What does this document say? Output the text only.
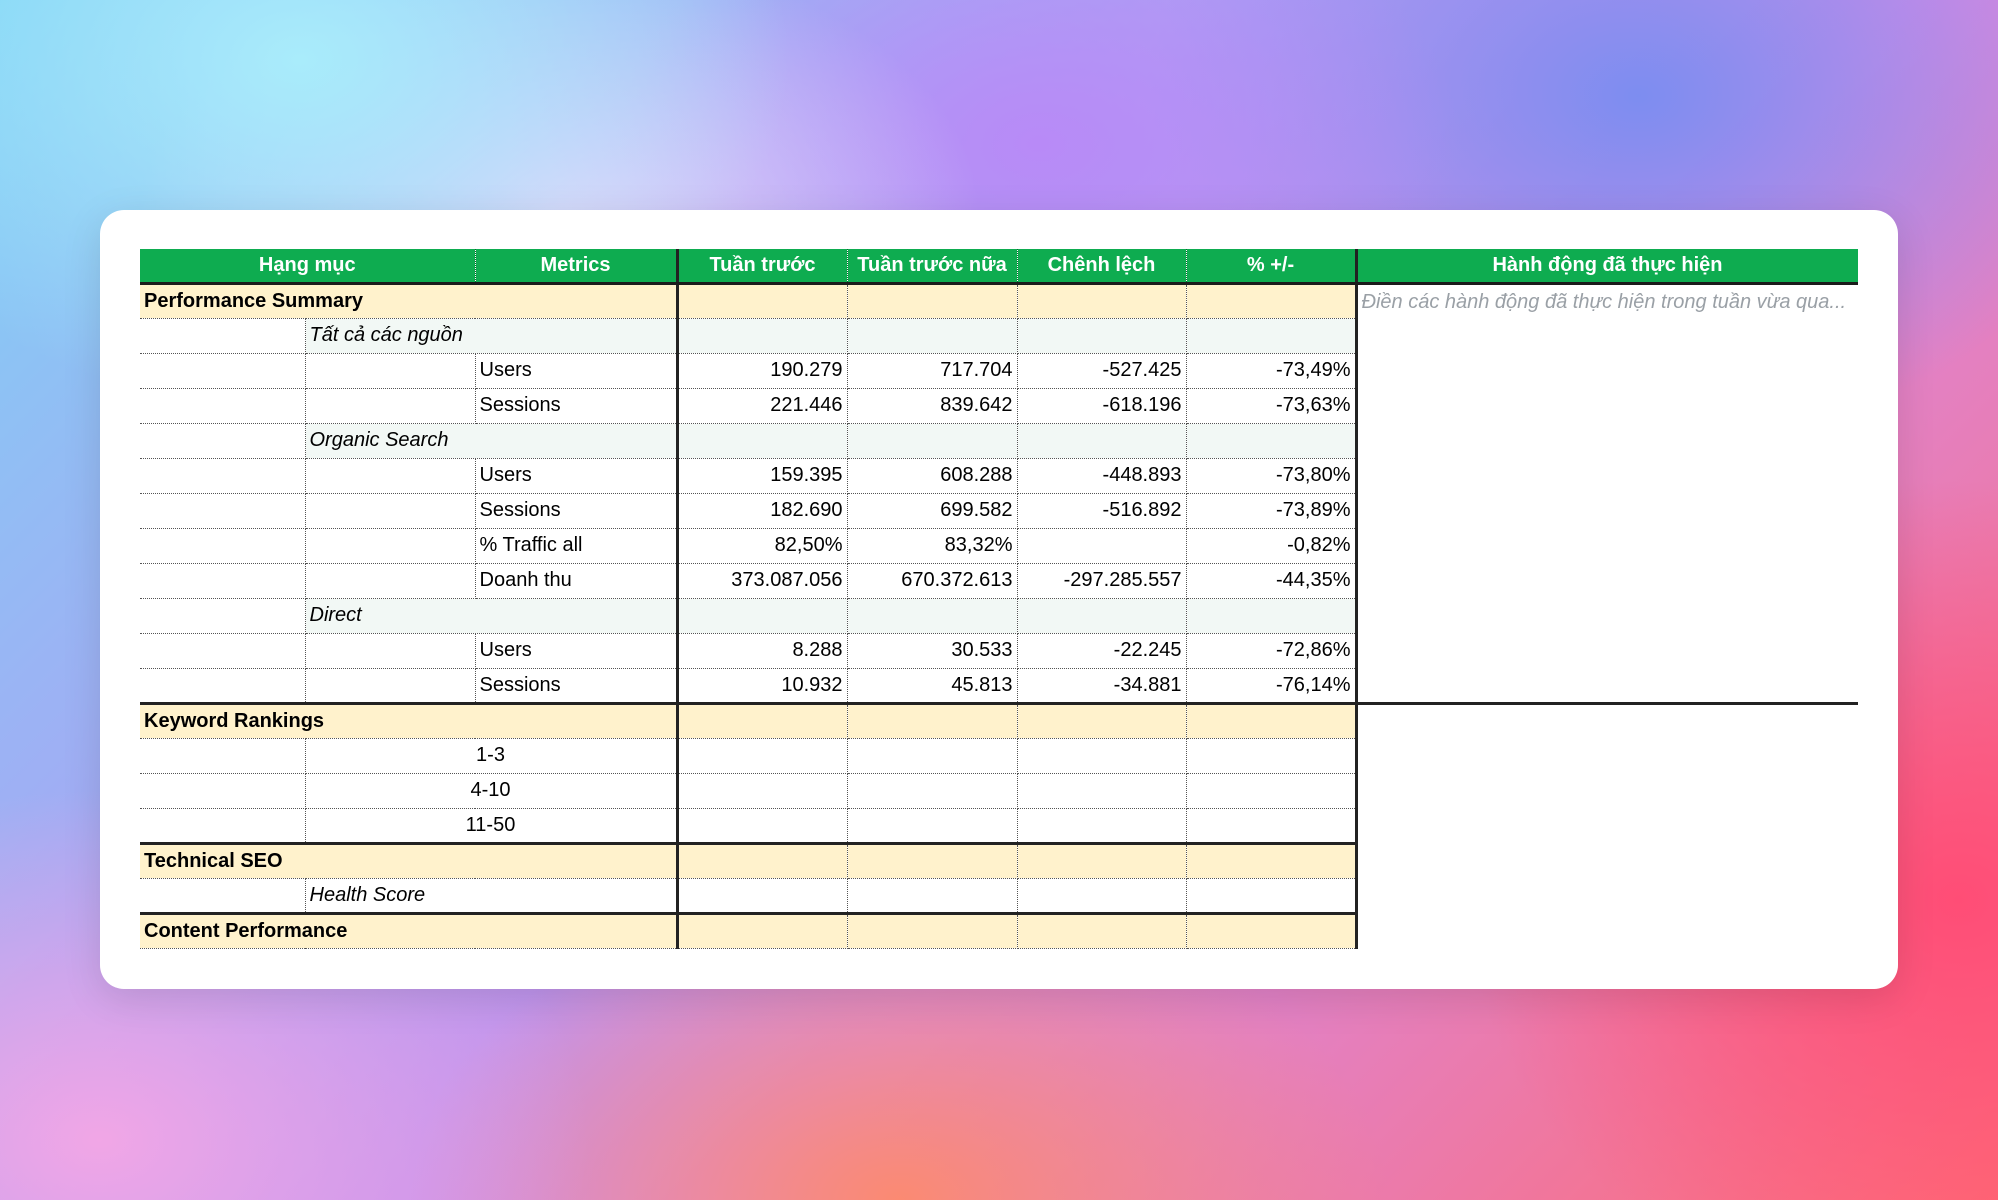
Hạng mục		Metrics	Tuần trước	Tuần trước nữa	Chênh lệch	% +/-	Hành động đã thực hiện
Performance Summary							Điền các hành động đã thực hiện trong tuần vừa qua...
	Tất cả các nguồn						
		Users	190.279	717.704	-527.425	-73,49%	
		Sessions	221.446	839.642	-618.196	-73,63%	
	Organic Search						
		Users	159.395	608.288	-448.893	-73,80%	
		Sessions	182.690	699.582	-516.892	-73,89%	
		% Traffic all	82,50%	83,32%		-0,82%	
		Doanh thu	373.087.056	670.372.613	-297.285.557	-44,35%	
	Direct						
		Users	8.288	30.533	-22.245	-72,86%	
		Sessions	10.932	45.813	-34.881	-76,14%	
Keyword Rankings							
	1-3						
	4-10						
	11-50						
Technical SEO							
	Health Score						
Content Performance							
